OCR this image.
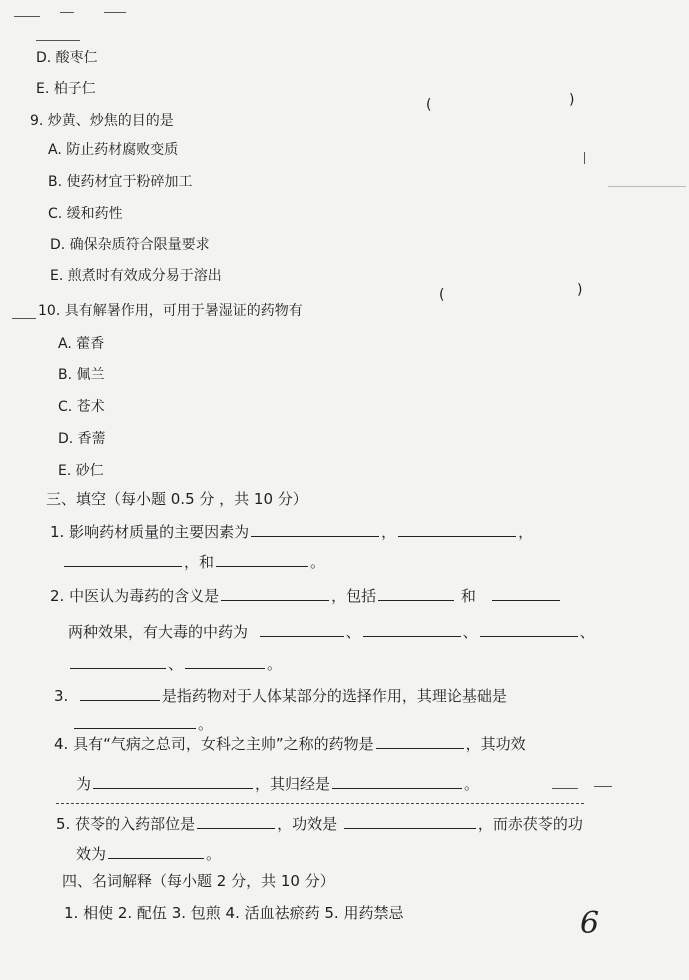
D. 酸枣仁
E. 柏子仁
9. 炒黄、炒焦的目的是
(	)
A. 防止药材腐败变质
B. 使药材宜于粉碎加工
C. 缓和药性
D. 确保杂质符合限量要求
E. 煎煮时有效成分易于溶出
10. 具有解暑作用，可用于暑湿证的药物有
(	)
A. 藿香
B. 佩兰
C. 苍术
D. 香薷
E. 砂仁
三、填空（每小题 0.5 分 ，共 10 分）
1. 影响药材质量的主要因素为	，	，
，和	。
2. 中医认为毒药的含义是	，包括	和
两种效果，有大毒的中药为	、	、	、
、	。
3.	是指药物对于人体某部分的选择作用，其理论基础是
。
4. 具有“气病之总司，女科之主帅”之称的药物是	，其功效
为	，其归经是	。
5. 茯苓的入药部位是	，功效是	，而赤茯苓的功
效为	。
四、名词解释（每小题 2 分，共 10 分）
1. 相使 2. 配伍 3. 包煎 4. 活血祛瘀药 5. 用药禁忌	6
